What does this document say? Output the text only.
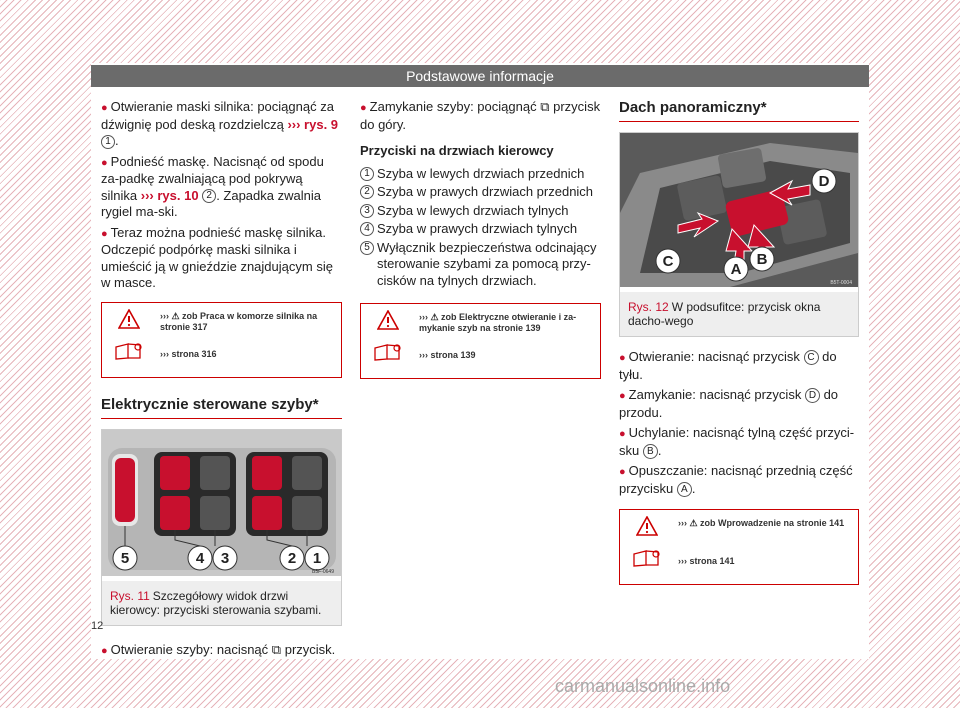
Podstawowe informacje
● Otwieranie maski silnika: pociągnąć za dźwignię pod deską rozdzielczą ››› rys. 9
1 .
● Podnieść maskę. Nacisnąć od spodu za-padkę zwalniającą pod pokrywą silnika ››› rys. 10 2 . Zapadka zwalnia rygiel ma-ski.
● Teraz można podnieść maskę silnika. Odczepić podpórkę maski silnika i umieścić ją w gnieździe znajdującym się w masce.
››› ⚠ zob Praca w komorze silnika na stronie 317
››› strona 316
Elektrycznie sterowane szyby*
5	4 3	2 1
B5F-0649
Rys. 11 Szczegółowy widok drzwi kierowcy: przyciski sterowania szybami.
● Otwieranie szyby: nacisnąć ⧉ przycisk.
● Zamykanie szyby: pociągnąć ⧉ przycisk do góry.
Przyciski na drzwiach kierowcy
1 Szyba w lewych drzwiach przednich
2 Szyba w prawych drzwiach przednich
3 Szyba w lewych drzwiach tylnych
4 Szyba w prawych drzwiach tylnych
5 Wyłącznik bezpieczeństwa odcinający sterowanie szybami za pomocą przy-cisków na tylnych drzwiach.
››› ⚠ zob Elektryczne otwieranie i za-mykanie szyb na stronie 139
››› strona 139
Dach panoramiczny*
D
C	A
B
B5T-0004
Rys. 12 W podsufitce: przycisk okna dacho-wego
● Otwieranie: nacisnąć przycisk C do tyłu.
● Zamykanie: nacisnąć przycisk D do przodu.
● Uchylanie: nacisnąć tylną część przyci-sku B .
● Opuszczanie: nacisnąć przednią część przycisku A .
››› ⚠ zob Wprowadzenie na stronie 141
››› strona 141
12
carmanualsonline.info
